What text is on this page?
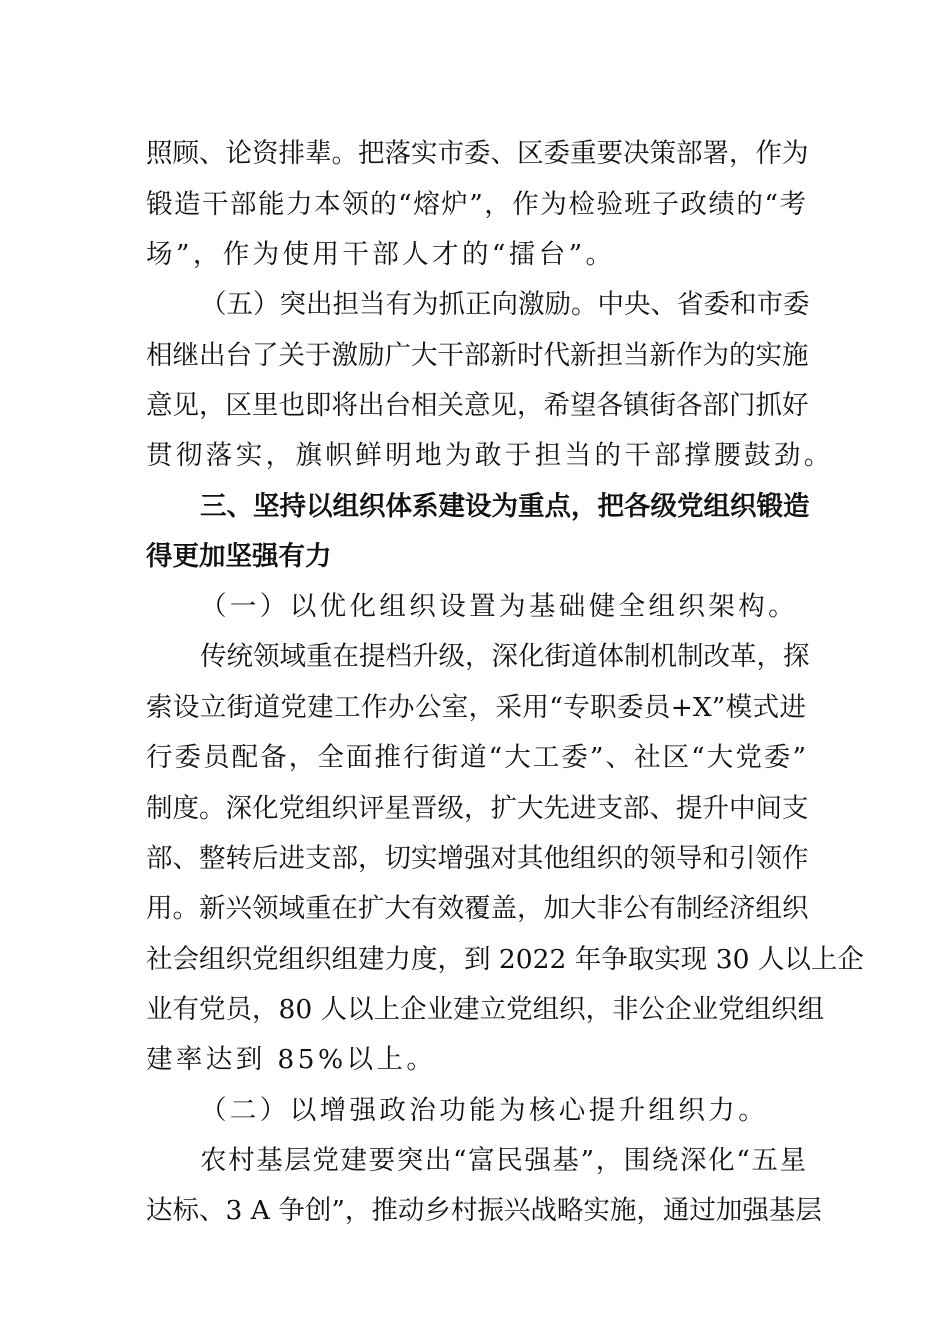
照顾、论资排辈。把落实市委、区委重要决策部署，作为
锻造干部能力本领的“熔炉”，作为检验班子政绩的“考
场”，作为使用干部人才的“擂台”。
（五）突出担当有为抓正向激励。中央、省委和市委
相继出台了关于激励广大干部新时代新担当新作为的实施
意见，区里也即将出台相关意见，希望各镇街各部门抓好
贯彻落实，旗帜鲜明地为敢于担当的干部撑腰鼓劲。
三、坚持以组织体系建设为重点，把各级党组织锻造
得更加坚强有力
（一）以优化组织设置为基础健全组织架构。
传统领域重在提档升级，深化街道体制机制改革，探
索设立街道党建工作办公室，采用“专职委员+X”模式进
行委员配备，全面推行街道“大工委”、社区“大党委”
制度。深化党组织评星晋级，扩大先进支部、提升中间支
部、整转后进支部，切实增强对其他组织的领导和引领作
用。新兴领域重在扩大有效覆盖，加大非公有制经济组织
社会组织党组织组建力度，到 2022 年争取实现 30 人以上企
业有党员，80 人以上企业建立党组织，非公企业党组织组
建率达到 85%以上。
（二）以增强政治功能为核心提升组织力。
农村基层党建要突出“富民强基”，围绕深化“五星
达标、3 A 争创”，推动乡村振兴战略实施，通过加强基层
